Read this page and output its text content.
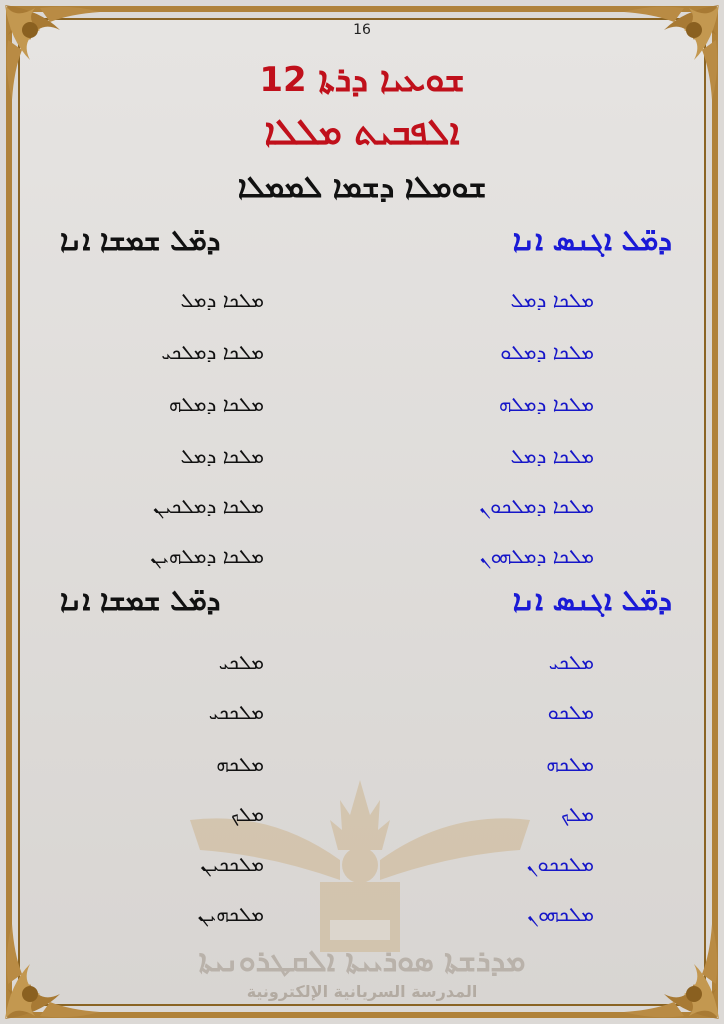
ܡܕܪܫܬܐ ܣܘܪܝܝܬܐ ܐܠܩܛܪܘܢܝܬܐ
المدرسة السريانية الإلكترونية
16
12 ܫܘܥܝܐ ܕܪܬܐ
ܐܠܦܒܝܬ ܡܠܠܐ
ܫܘܡܠܐ ܕܫܡܐ ܠܡܡܠܐ
ܕܡ̈ܠ ܐܓܢܣ ܐܢܐ
ܕܡ̈ܠ ܫܡܫܐ ܐܢܐ
ܡܠܟܐ ܕܡܠ
ܡܠܟܐ ܕܡܠ
ܡܠܟܐ ܕܡܠܘ
ܡܠܟܐ ܕܡܠܟܝ
ܡܠܟܐ ܕܡܠܗ
ܡܠܟܐ ܕܡܠܗ
ܡܠܟܐ ܕܡܠ
ܡܠܟܐ ܕܡܠ
ܡܠܟܐ ܕܡܠܟܘܢ
ܡܠܟܐ ܕܡܠܟܝܢ
ܡܠܟܐ ܕܡܠܗܘܢ
ܡܠܟܐ ܕܡܠܗܝܢ
ܕܡ̈ܠ ܐܓܢܣ ܐܢܐ
ܕܡ̈ܠ ܫܡܫܐ ܐܢܐ
ܡܠܟܝ
ܡܠܟܝ
ܡܠܟܘ
ܡܠܟܟܝ
ܡܠܟܗ
ܡܠܟܗ
ܡܠܟ
ܡܠܟ
ܡܠܟܟܘܢ
ܡܠܟܟܝܢ
ܡܠܟܗܘܢ
ܡܠܟܗܝܢ
